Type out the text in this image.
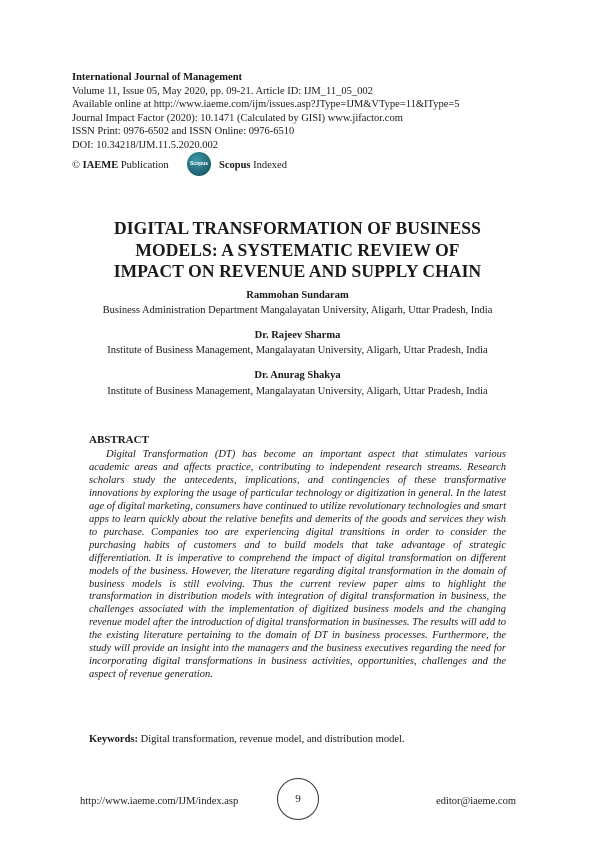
International Journal of Management
Volume 11, Issue 05, May 2020, pp. 09-21. Article ID: IJM_11_05_002
Available online at http://www.iaeme.com/ijm/issues.asp?JType=IJM&VType=11&IType=5
Journal Impact Factor (2020): 10.1471 (Calculated by GISI) www.jifactor.com
ISSN Print: 0976-6502 and ISSN Online: 0976-6510
DOI: 10.34218/IJM.11.5.2020.002
© IAEME Publication	Scopus Scopus Indexed
DIGITAL TRANSFORMATION OF BUSINESS
MODELS: A SYSTEMATIC REVIEW OF
IMPACT ON REVENUE AND SUPPLY CHAIN
Rammohan Sundaram
Business Administration Department Mangalayatan University, Aligarh, Uttar Pradesh, India
Dr. Rajeev Sharma
Institute of Business Management, Mangalayatan University, Aligarh, Uttar Pradesh, India
Dr. Anurag Shakya
Institute of Business Management, Mangalayatan University, Aligarh, Uttar Pradesh, India
ABSTRACT
Digital Transformation (DT) has become an important aspect that stimulates various academic areas and affects practice, contributing to independent research streams. Research scholars study the antecedents, implications, and contingencies of these transformative innovations by exploring the usage of particular technology or digitization in general. In the latest age of digital marketing, consumers have continued to utilize revolutionary technologies and smart apps to learn quickly about the relative benefits and demerits of the goods and services they wish to purchase. Companies too are experiencing digital transitions in order to consider the purchasing habits of customers and to build models that take advantage of strategic differentiation. It is imperative to comprehend the impact of digital transformation on different models of the business. However, the literature regarding digital transformation in the domain of business models is still evolving. Thus the current review paper aims to highlight the transformation in distribution models with integration of digital transformation in business, the challenges associated with the implementation of digitized business models and the changing revenue model after the introduction of digital transformation in businesses. The results will add to the existing literature pertaining to the domain of DT in business processes. Furthermore, the study will provide an insight into the managers and the business executives regarding the need for incorporating digital transformations in business activities, opportunities, challenges and the aspect of revenue generation.
Keywords: Digital transformation, revenue model, and distribution model.
http://www.iaeme.com/IJM/index.asp	9	editor@iaeme.com
